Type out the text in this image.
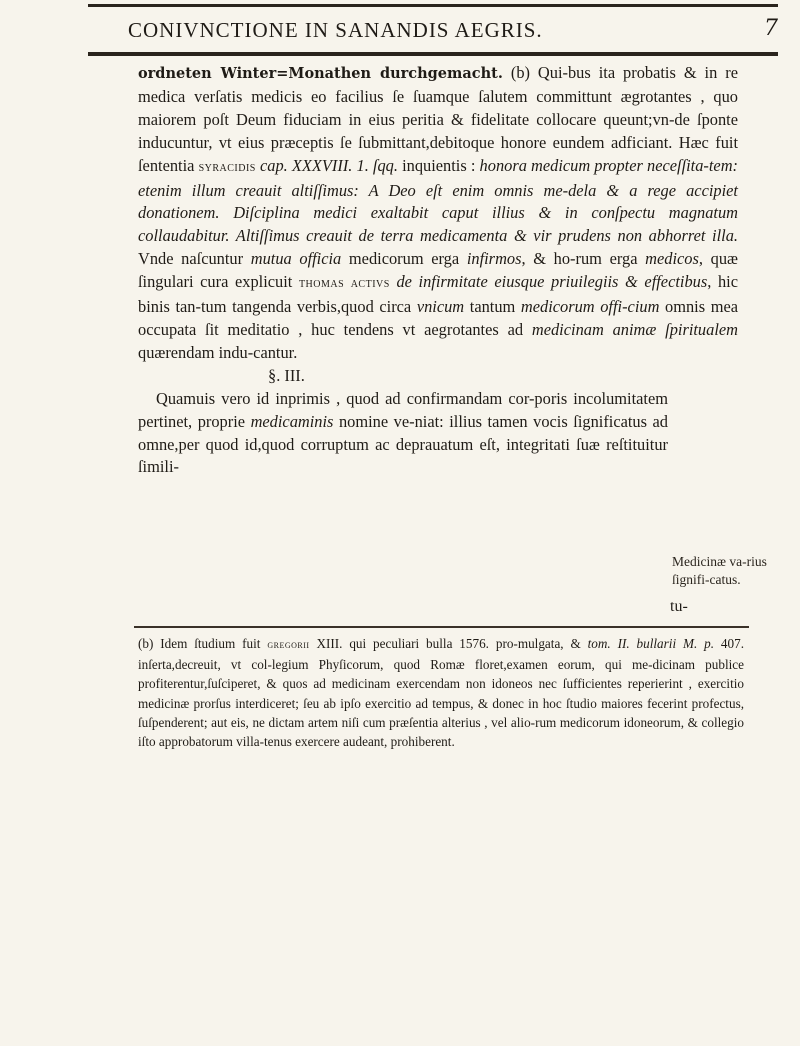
CONIVNCTIONE IN SANANDIS AEGRIS.	7

ordneten Winter=Monathen durchgemacht. (b) Qui-bus ita probatis & in re medica verſatis medicis eo facilius ſe ſuamque ſalutem committunt ægrotantes , quo maiorem poſt Deum fiduciam in eius peritia & fidelitate collocare queunt;vn-de ſponte inducuntur, vt eius præceptis ſe ſubmittant,debitoque honore eundem adficiant. Hæc fuit ſententia syracidis cap. XXXVIII. 1. ſqq. inquientis : honora medicum propter neceſſita-tem: etenim illum creauit altiſſimus: A Deo eſt enim omnis me-dela & a rege accipiet donationem. Diſciplina medici exaltabit caput illius & in conſpectu magnatum collaudabitur. Altiſſimus creauit de terra medicamenta & vir prudens non abhorret illa. Vnde naſcuntur mutua officia medicorum erga infirmos, & ho-rum erga medicos, quæ ſingulari cura explicuit thomas activs de infirmitate eiusque priuilegiis & effectibus, hic binis tan-tum tangenda verbis,quod circa vnicum tantum medicorum offi-cium omnis mea occupata ſit meditatio , huc tendens vt aegrotantes ad medicinam animæ ſpiritualem quærendam indu-cantur.

§. III.

Quamuis vero id inprimis , quod ad confirmandam cor-poris incolumitatem pertinet, proprie medicaminis nomine ve-niat: illius tamen vocis ſignificatus ad omne,per quod id,quod corruptum ac deprauatum eſt, integritati ſuæ reſtituitur ſimili-

Medicinæ va-rius ſignifi-catus.
tu-
(b) Idem ſtudium fuit gregorii XIII. qui peculiari bulla 1576. pro-mulgata, & tom. II. bullarii M. p. 407. inſerta,decreuit, vt col-legium Phyſicorum, quod Romæ floret,examen eorum, qui me-dicinam publice profiterentur,ſuſciperet, & quos ad medicinam exercendam non idoneos nec ſufficientes reperierint , exercitio medicinæ prorſus interdiceret; ſeu ab ipſo exercitio ad tempus, & donec in hoc ſtudio maiores fecerint profectus, ſuſpenderent; aut eis, ne dictam artem niſi cum præſentia alterius , vel alio-rum medicorum idoneorum, & collegio iſto approbatorum villa-tenus exercere audeant, prohiberent.
